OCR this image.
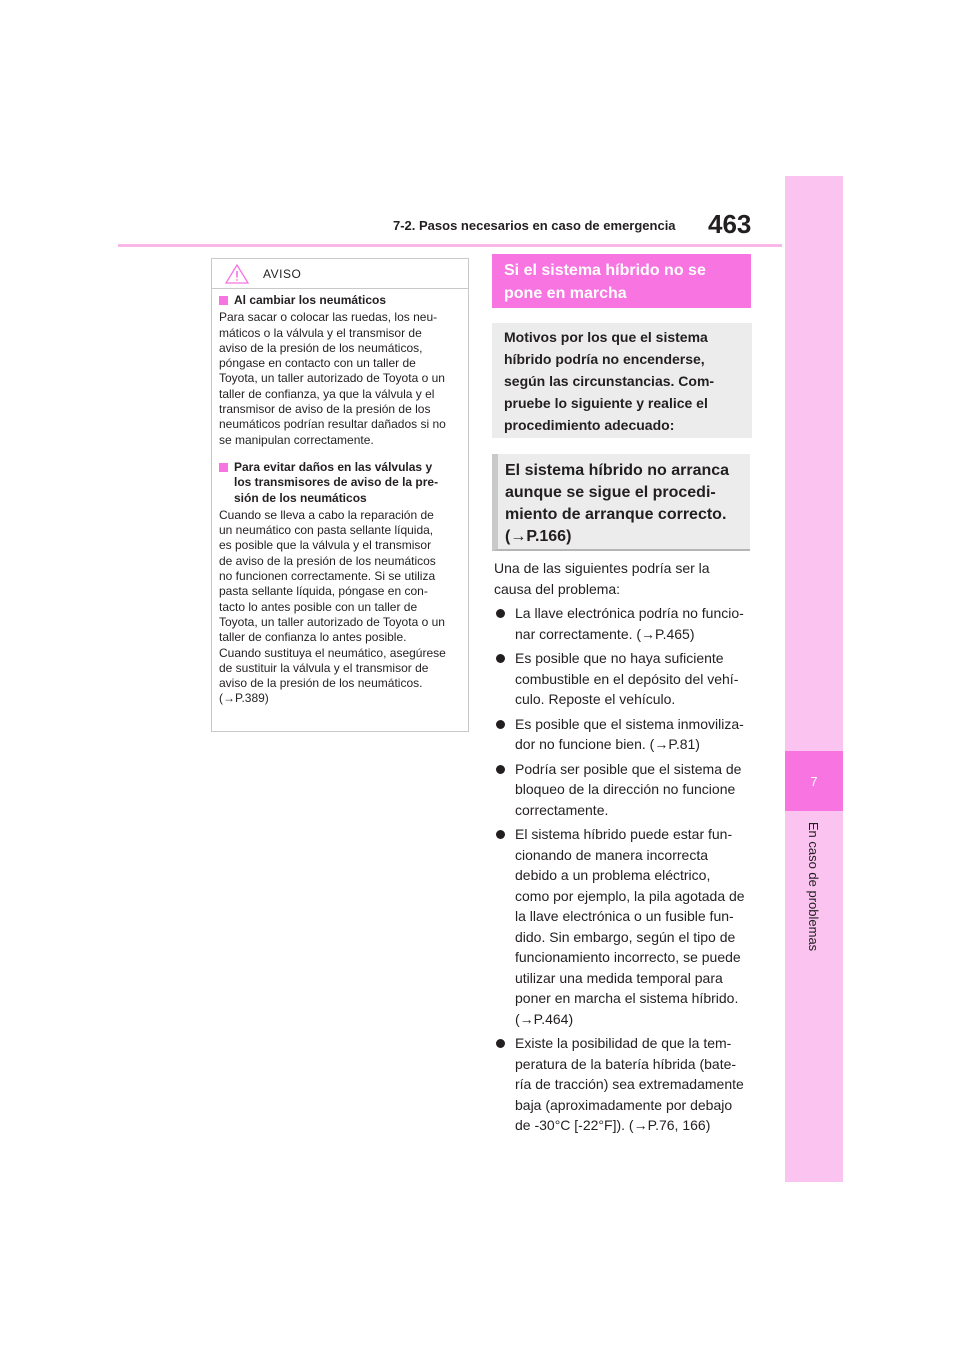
7-2. Pasos necesarios en caso de emergencia 463
7
En caso de problemas
AVISO

Al cambiar los neumáticos

Para sacar o colocar las ruedas, los neu-
máticos o la válvula y el transmisor de
aviso de la presión de los neumáticos,
póngase en contacto con un taller de
Toyota, un taller autorizado de Toyota o un
taller de confianza, ya que la válvula y el
transmisor de aviso de la presión de los
neumáticos podrían resultar dañados si no
se manipulan correctamente.

Para evitar daños en las válvulas y
los transmisores de aviso de la pre-
sión de los neumáticos

Cuando se lleva a cabo la reparación de
un neumático con pasta sellante líquida,
es posible que la válvula y el transmisor
de aviso de la presión de los neumáticos
no funcionen correctamente. Si se utiliza
pasta sellante líquida, póngase en con-
tacto lo antes posible con un taller de
Toyota, un taller autorizado de Toyota o un
taller de confianza lo antes posible.
Cuando sustituya el neumático, asegúrese
de sustituir la válvula y el transmisor de
aviso de la presión de los neumáticos.
(→P.389)

Si el sistema híbrido no se
pone en marcha
Motivos por los que el sistema
híbrido podría no encenderse,
según las circunstancias. Com-
pruebe lo siguiente y realice el
procedimiento adecuado:
El sistema híbrido no arranca
aunque se sigue el procedi-
miento de arranque correcto.
(→P.166)

Una de las siguientes podría ser la
causa del problema:

La llave electrónica podría no funcio-
nar correctamente. (→P.465)
Es posible que no haya suficiente
combustible en el depósito del vehí-
culo. Reposte el vehículo.
Es posible que el sistema inmoviliza-
dor no funcione bien. (→P.81)
Podría ser posible que el sistema de
bloqueo de la dirección no funcione
correctamente.
El sistema híbrido puede estar fun-
cionando de manera incorrecta
debido a un problema eléctrico,
como por ejemplo, la pila agotada de
la llave electrónica o un fusible fun-
dido. Sin embargo, según el tipo de
funcionamiento incorrecto, se puede
utilizar una medida temporal para
poner en marcha el sistema híbrido.
(→P.464)
Existe la posibilidad de que la tem-
peratura de la batería híbrida (bate-
ría de tracción) sea extremadamente
baja (aproximadamente por debajo
de -30°C [-22°F]). (→P.76, 166)
